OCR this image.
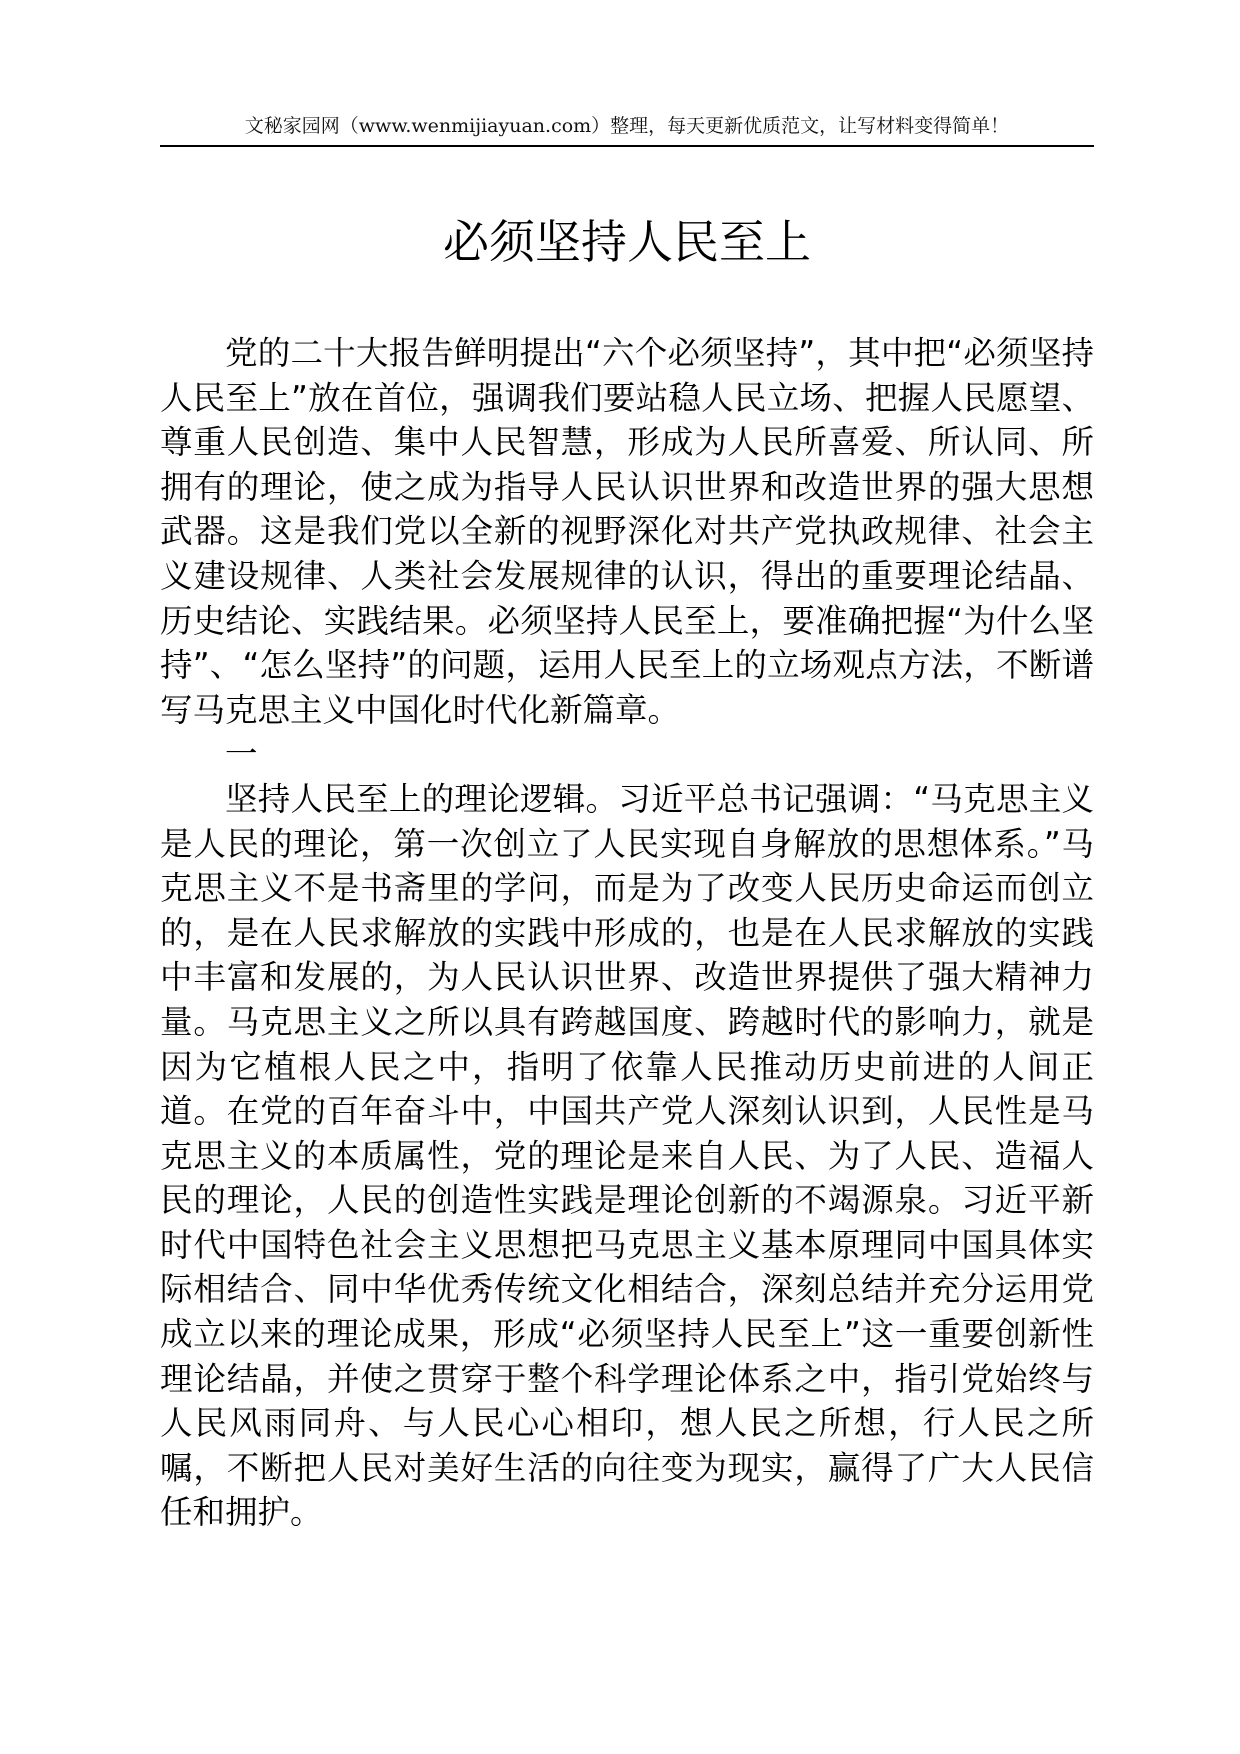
文秘家园网（www.wenmijiayuan.com）整理，每天更新优质范文，让写材料变得简单！
必须坚持人民至上

党的二十大报告鲜明提出“六个必须坚持”，其中把“必须坚持人民至上”放在首位，强调我们要站稳人民立场、把握人民愿望、尊重人民创造、集中人民智慧，形成为人民所喜爱、所认同、所拥有的理论，使之成为指导人民认识世界和改造世界的强大思想武器。这是我们党以全新的视野深化对共产党执政规律、社会主义建设规律、人类社会发展规律的认识，得出的重要理论结晶、历史结论、实践结果。必须坚持人民至上，要准确把握“为什么坚持”、“怎么坚持”的问题，运用人民至上的立场观点方法，不断谱写马克思主义中国化时代化新篇章。

一

坚持人民至上的理论逻辑。习近平总书记强调：“马克思主义是人民的理论，第一次创立了人民实现自身解放的思想体系。”马克思主义不是书斋里的学问，而是为了改变人民历史命运而创立的，是在人民求解放的实践中形成的，也是在人民求解放的实践中丰富和发展的，为人民认识世界、改造世界提供了强大精神力量。马克思主义之所以具有跨越国度、跨越时代的影响力，就是因为它植根人民之中，指明了依靠人民推动历史前进的人间正道。在党的百年奋斗中，中国共产党人深刻认识到，人民性是马克思主义的本质属性，党的理论是来自人民、为了人民、造福人民的理论，人民的创造性实践是理论创新的不竭源泉。习近平新时代中国特色社会主义思想把马克思主义基本原理同中国具体实际相结合、同中华优秀传统文化相结合，深刻总结并充分运用党成立以来的理论成果，形成“必须坚持人民至上”这一重要创新性理论结晶，并使之贯穿于整个科学理论体系之中，指引党始终与人民风雨同舟、与人民心心相印，想人民之所想，行人民之所嘱，不断把人民对美好生活的向往变为现实，赢得了广大人民信任和拥护。
